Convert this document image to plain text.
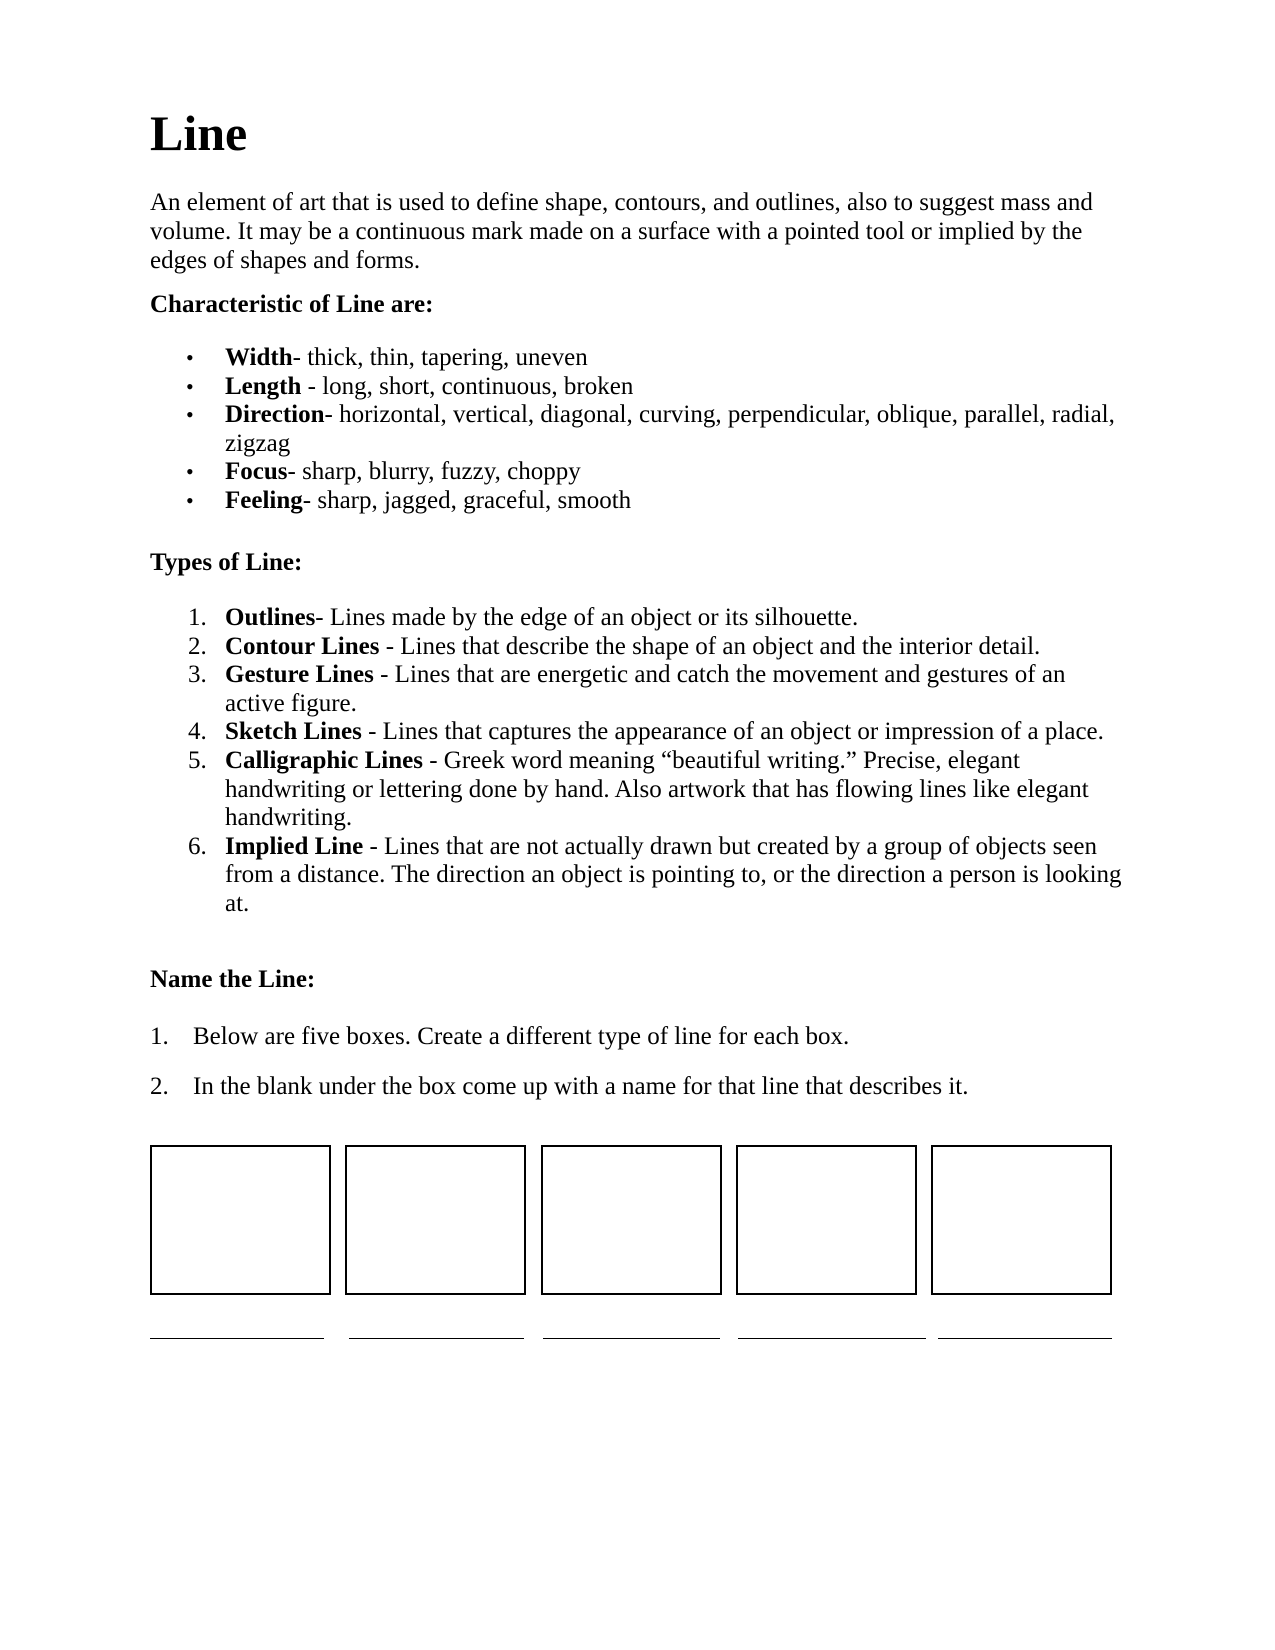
Line

An element of art that is used to define shape, contours, and outlines, also to suggest mass and volume. It may be a continuous mark made on a surface with a pointed tool or implied by the edges of shapes and forms.

Characteristic of Line are:
• Width- thick, thin, tapering, uneven
• Length - long, short, continuous, broken
• Direction- horizontal, vertical, diagonal, curving, perpendicular, oblique, parallel, radial, zigzag
• Focus- sharp, blurry, fuzzy, choppy
• Feeling- sharp, jagged, graceful, smooth
Types of Line:
1. Outlines- Lines made by the edge of an object or its silhouette.
2. Contour Lines - Lines that describe the shape of an object and the interior detail.
3. Gesture Lines - Lines that are energetic and catch the movement and gestures of an active figure.
4. Sketch Lines - Lines that captures the appearance of an object or impression of a place.
5. Calligraphic Lines - Greek word meaning “beautiful writing.” Precise, elegant handwriting or lettering done by hand. Also artwork that has flowing lines like elegant handwriting.
6. Implied Line - Lines that are not actually drawn but created by a group of objects seen from a distance. The direction an object is pointing to, or the direction a person is looking at.
Name the Line:
1. Below are five boxes. Create a different type of line for each box.
2. In the blank under the box come up with a name for that line that describes it.
